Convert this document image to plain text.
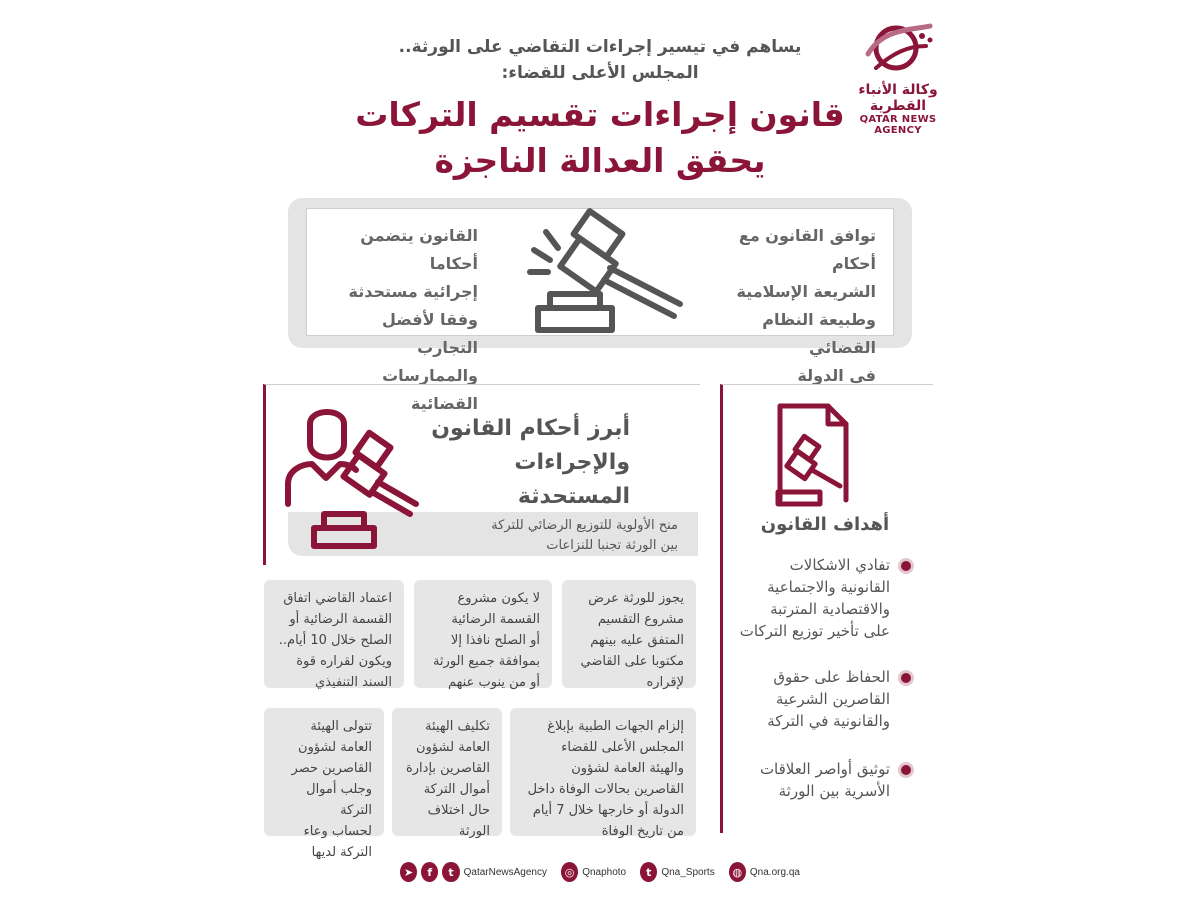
وكالة الأنباء القطرية
QATAR NEWS AGENCY
يساهم في تيسير إجراءات التقاضي على الورثة..
المجلس الأعلى للقضاء:
قانون إجراءات تقسيم التركات
يحقق العدالة الناجزة
توافق القانون مع أحكام
الشريعة الإسلامية
وطبيعة النظام القضائي
في الدولة
القانون يتضمن أحكاما
إجرائية مستحدثة
وفقا لأفضل التجارب
والممارسات القضائية
أبرز أحكام القانون
والإجراءات المستحدثة
منح الأولوية للتوزيع الرضائي للتركة
بين الورثة تجنبا للنزاعات
يجوز للورثة عرض
مشروع التقسيم
المتفق عليه بينهم
مكتوبا على القاضي
لإقراره
لا يكون مشروع
القسمة الرضائية
أو الصلح نافذا إلا
بموافقة جميع الورثة
أو من ينوب عنهم
اعتماد القاضي اتفاق
القسمة الرضائية أو
الصلح خلال 10 أيام..
ويكون لقراره قوة
السند التنفيذي
إلزام الجهات الطبية بإبلاغ
المجلس الأعلى للقضاء
والهيئة العامة لشؤون
القاصرين بحالات الوفاة داخل
الدولة أو خارجها خلال 7 أيام
من تاريخ الوفاة
تكليف الهيئة
العامة لشؤون
القاصرين بإدارة
أموال التركة
حال اختلاف
الورثة
تتولى الهيئة
العامة لشؤون
القاصرين حصر
وجلب أموال التركة
لحساب وعاء
التركة لديها
أهداف القانون
تفادي الاشكالات
القانونية والاجتماعية
والاقتصادية المترتبة
على تأخير توزيع التركات
الحفاظ على حقوق
القاصرين الشرعية
والقانونية في التركة
توثيق أواصر العلاقات
الأسرية بين الورثة
➤	f	t QatarNewsAgency	◎ Qnaphoto	t Qna_Sports	◍ Qna.org.qa
